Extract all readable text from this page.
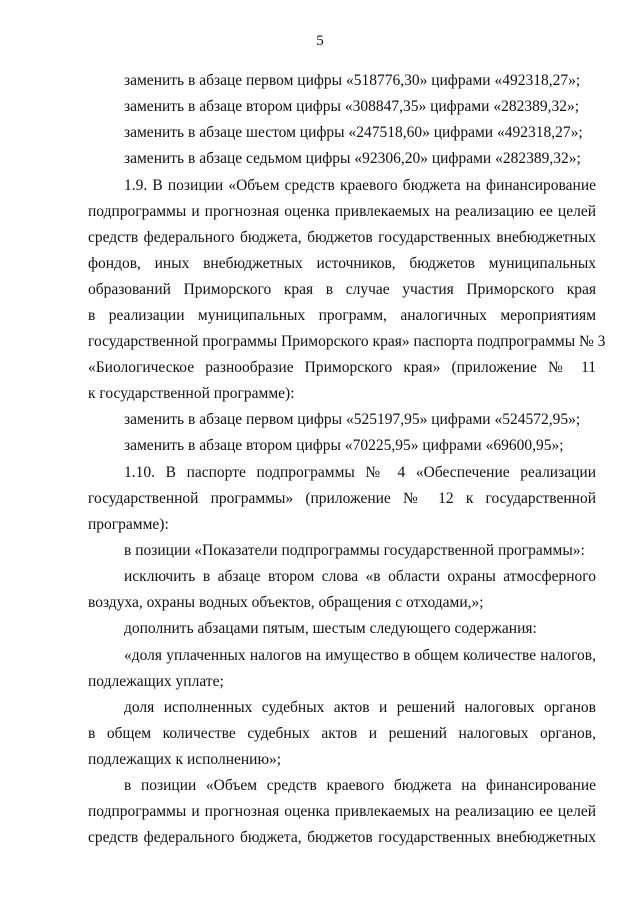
5
заменить в абзаце первом цифры «518776,30» цифрами «492318,27»;
заменить в абзаце втором цифры «308847,35» цифрами «282389,32»;
заменить в абзаце шестом цифры «247518,60» цифрами «492318,27»;
заменить в абзаце седьмом цифры «92306,20» цифрами «282389,32»;
1.9. В позиции «Объем средств краевого бюджета на финансирование
подпрограммы и прогнозная оценка привлекаемых на реализацию ее целей
средств федерального бюджета, бюджетов государственных внебюджетных
фондов, иных внебюджетных источников, бюджетов муниципальных
образований Приморского края в случае участия Приморского края
в реализации муниципальных программ, аналогичных мероприятиям
государственной программы Приморского края» паспорта подпрограммы № 3
«Биологическое разнообразие Приморского края» (приложение № 11
к государственной программе):
заменить в абзаце первом цифры «525197,95» цифрами «524572,95»;
заменить в абзаце втором цифры «70225,95» цифрами «69600,95»;
1.10. В паспорте подпрограммы № 4 «Обеспечение реализации
государственной программы» (приложение № 12 к государственной
программе):
в позиции «Показатели подпрограммы государственной программы»:
исключить в абзаце втором слова «в области охраны атмосферного
воздуха, охраны водных объектов, обращения с отходами,»;
дополнить абзацами пятым, шестым следующего содержания:
«доля уплаченных налогов на имущество в общем количестве налогов,
подлежащих уплате;
доля исполненных судебных актов и решений налоговых органов
в общем количестве судебных актов и решений налоговых органов,
подлежащих к исполнению»;
в позиции «Объем средств краевого бюджета на финансирование
подпрограммы и прогнозная оценка привлекаемых на реализацию ее целей
средств федерального бюджета, бюджетов государственных внебюджетных
